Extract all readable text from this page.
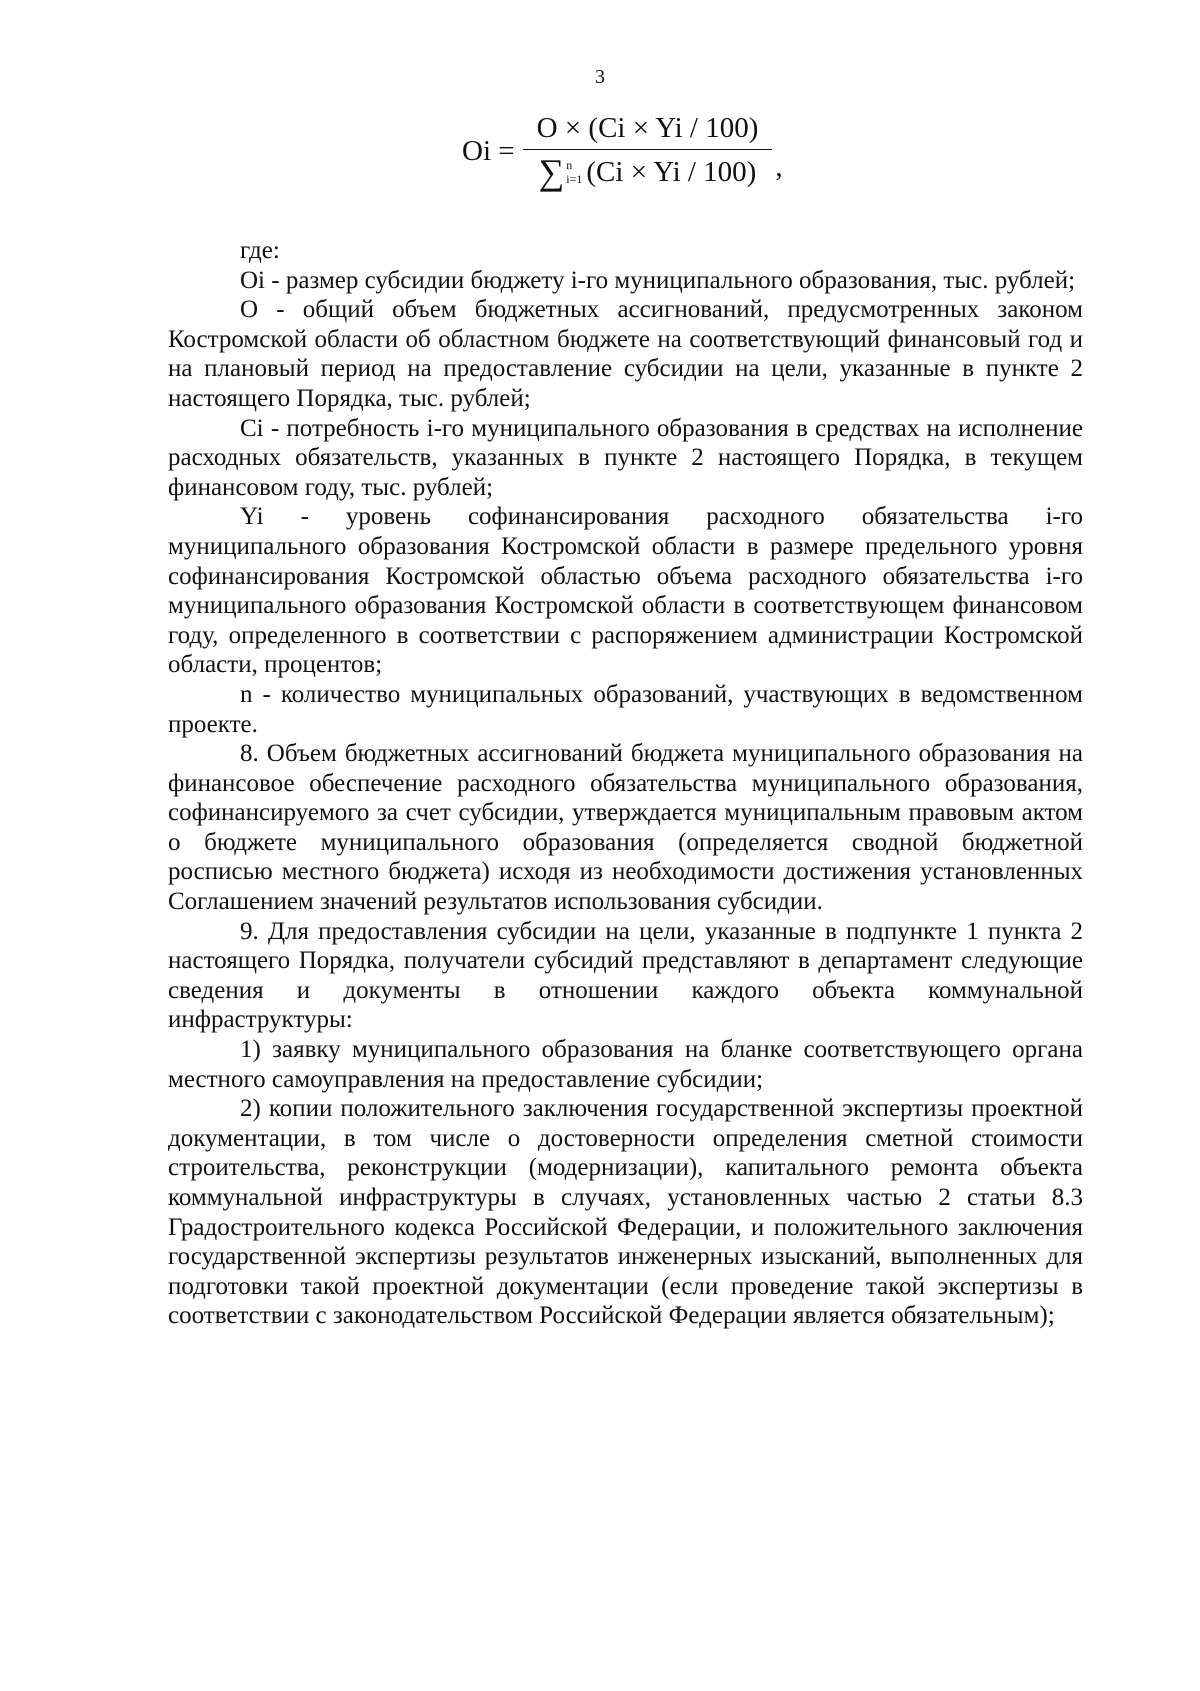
3
Oi = O × (Ci × Yi / 100)
∑ n
i=1 (Ci × Yi / 100) ,

где:

Oi - размер субсидии бюджету i-го муниципального образования, тыс. рублей;

O - общий объем бюджетных ассигнований, предусмотренных законом Костромской области об областном бюджете на соответствующий финансовый год и на плановый период на предоставление субсидии на цели, указанные в пункте 2 настоящего Порядка, тыс. рублей;

Ci - потребность i-го муниципального образования в средствах на исполнение расходных обязательств, указанных в пункте 2 настоящего Порядка, в текущем финансовом году, тыс. рублей;

Yi - уровень софинансирования расходного обязательства i-го муниципального образования Костромской области в размере предельного уровня софинансирования Костромской областью объема расходного обязательства i-го муниципального образования Костромской области в соответствующем финансовом году, определенного в соответствии с распоряжением администрации Костромской области, процентов;

n - количество муниципальных образований, участвующих в ведомственном проекте.

8. Объем бюджетных ассигнований бюджета муниципального образования на финансовое обеспечение расходного обязательства муниципального образования, софинансируемого за счет субсидии, утверждается муниципальным правовым актом о бюджете муниципального образования (определяется сводной бюджетной росписью местного бюджета) исходя из необходимости достижения установленных Соглашением значений результатов использования субсидии.

9. Для предоставления субсидии на цели, указанные в подпункте 1 пункта 2 настоящего Порядка, получатели субсидий представляют в департамент следующие сведения и документы в отношении каждого объекта коммунальной инфраструктуры:

1) заявку муниципального образования на бланке соответствующего органа местного самоуправления на предоставление субсидии;

2) копии положительного заключения государственной экспертизы проектной документации, в том числе о достоверности определения сметной стоимости строительства, реконструкции (модернизации), капитального ремонта объекта коммунальной инфраструктуры в случаях, установленных частью 2 статьи 8.3 Градостроительного кодекса Российской Федерации, и положительного заключения государственной экспертизы результатов инженерных изысканий, выполненных для подготовки такой проектной документации (если проведение такой экспертизы в соответствии с законодательством Российской Федерации является обязательным);
